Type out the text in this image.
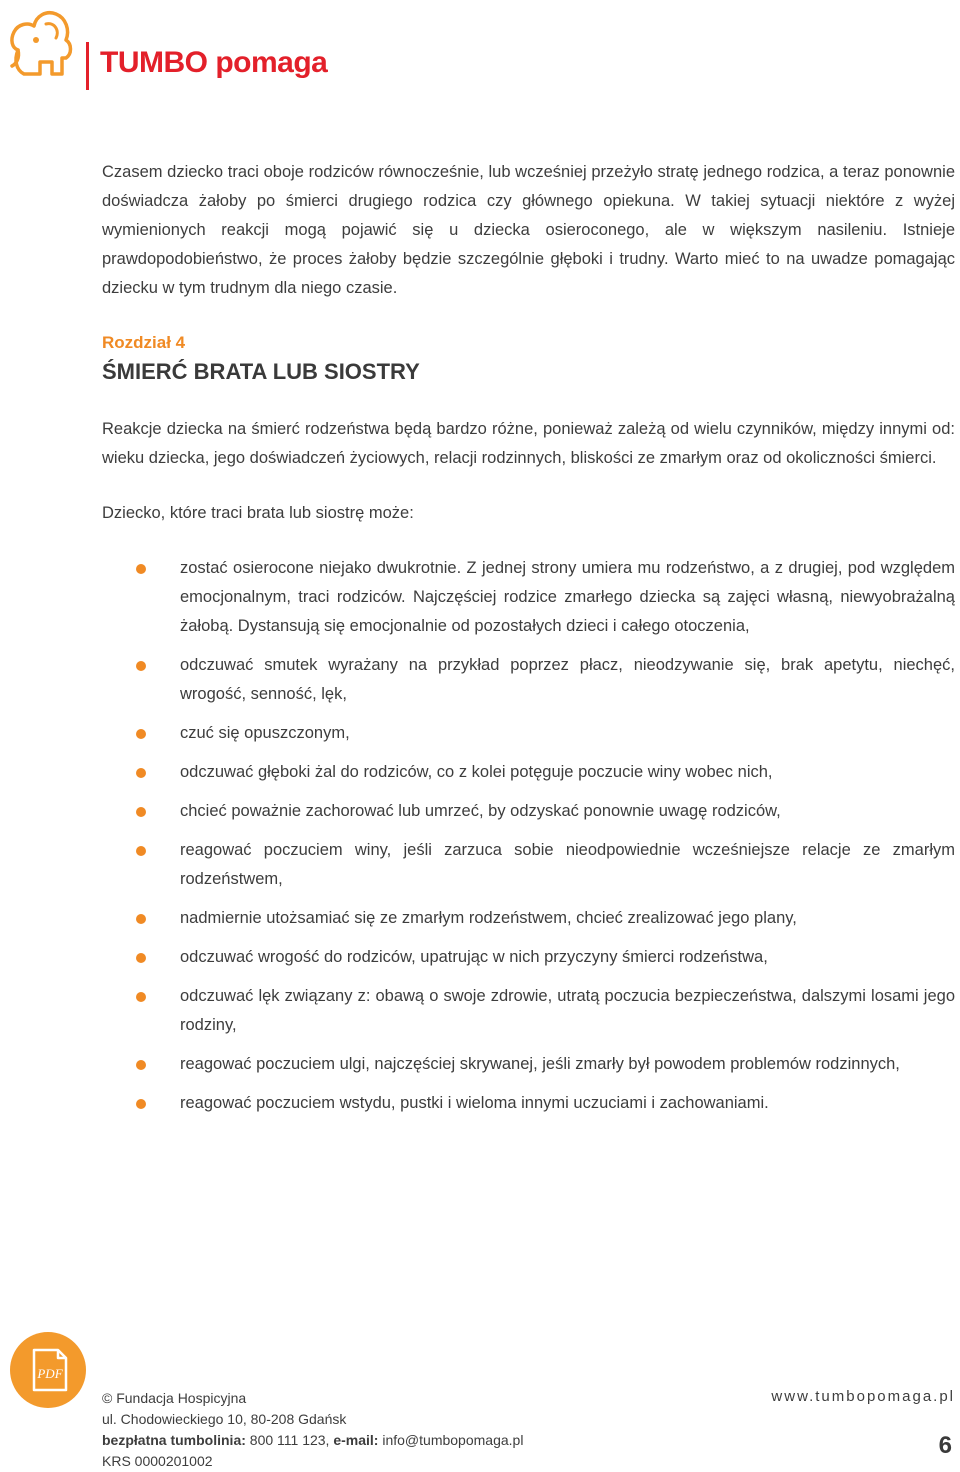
TUMBO pomaga

Czasem dziecko traci oboje rodziców równocześnie, lub wcześniej przeżyło stratę jednego rodzica, a teraz ponownie doświadcza żałoby po śmierci drugiego rodzica czy głównego opiekuna. W takiej sytuacji niektóre z wyżej wymienionych reakcji mogą pojawić się u dziecka osieroconego, ale w większym nasileniu. Istnieje prawdopodobieństwo, że proces żałoby będzie szczególnie głęboki i trudny. Warto mieć to na uwadze pomagając dziecku w tym trudnym dla niego czasie.

Rozdział 4
ŚMIERĆ BRATA LUB SIOSTRY

Reakcje dziecka na śmierć rodzeństwa będą bardzo różne, ponieważ zależą od wielu czynników, między innymi od: wieku dziecka, jego doświadczeń życiowych, relacji rodzinnych, bliskości ze zmarłym oraz od okoliczności śmierci.

Dziecko, które traci brata lub siostrę może:

zostać osierocone niejako dwukrotnie. Z jednej strony umiera mu rodzeństwo, a z drugiej, pod względem emocjonalnym, traci rodziców. Najczęściej rodzice zmarłego dziecka są zajęci własną, niewyobrażalną żałobą. Dystansują się emocjonalnie od pozostałych dzieci i całego otoczenia,
odczuwać smutek wyrażany na przykład poprzez płacz, nieodzywanie się, brak apetytu, niechęć, wrogość, senność, lęk,
czuć się opuszczonym,
odczuwać głęboki żal do rodziców, co z kolei potęguje poczucie winy wobec nich,
chcieć poważnie zachorować lub umrzeć, by odzyskać ponownie uwagę rodziców,
reagować poczuciem winy, jeśli zarzuca sobie nieodpowiednie wcześniejsze relacje ze zmarłym rodzeństwem,
nadmiernie utożsamiać się ze zmarłym rodzeństwem, chcieć zrealizować jego plany,
odczuwać wrogość do rodziców, upatrując w nich przyczyny śmierci rodzeństwa,
odczuwać lęk związany z: obawą o swoje zdrowie, utratą poczucia bezpieczeństwa, dalszymi losami jego rodziny,
reagować poczuciem ulgi, najczęściej skrywanej, jeśli zmarły był powodem problemów rodzinnych,
reagować poczuciem wstydu, pustki i wieloma innymi uczuciami i zachowaniami.
PDF
© Fundacja Hospicyjna
ul. Chodowieckiego 10, 80-208 Gdańsk
bezpłatna tumbolinia: 800 111 123, e-mail: info@tumbopomaga.pl
KRS 0000201002
www.tumbopomaga.pl
6
